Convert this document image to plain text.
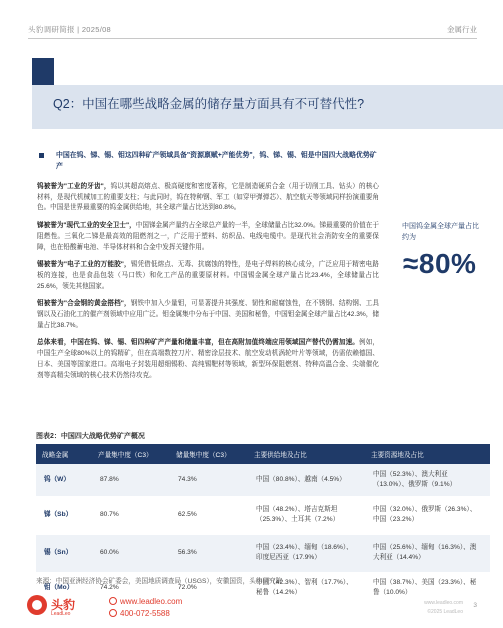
头豹调研简报 | 2025/08	金属行业
Q2：中国在哪些战略金属的储存量方面具有不可替代性?
中国在钨、锑、锡、钼这四种矿产领域具备"资源禀赋+产能优势"，钨、锑、锡、钼是中国四大战略优势矿产

钨被誉为"工业的牙齿"，钨以其超高熔点、极高硬度和密度著称，它是制造硬质合金（用于切削工具、钻头）的核心材料，是现代机械加工的重要支柱；与此同时，钨在特种钢、军工（如穿甲弹弹芯）、航空航天等领域同样扮演重要角色。中国是世界最重要的钨金属供给地，其全球产量占比达到80.8%。

锑被誉为"现代工业的安全卫士"，中国锑金属产量约占全球总产量的一半，全球储量占比32.0%。锑最重要的价值在于阻燃性。三氧化二锑是最高效的阻燃剂之一，广泛用于塑料、纺织品、电线电缆中。是现代社会消防安全的重要保障，也在铅酸蓄电池、半导体材料和合金中发挥关键作用。

锡被誉为"电子工业的万能胶"，锡凭借低熔点、无毒、抗腐蚀的特性，是电子焊料的核心成分，广泛应用于精密电路板的连接，也是食品包装（马口铁）和化工产品的重要原材料。中国锡金属全球产量占比23.4%，全球储量占比25.6%，领先其他国家。

钼被誉为"合金钢的黄金搭档"，钢铁中加入少量钼，可显著提升其强度、韧性和耐腐蚀性，在不锈钢、结构钢、工具钢以及石油化工的催产剂领域中应用广泛。钼金属集中分布于中国、美国和秘鲁，中国钼金属全球产量占比42.3%，储量占比38.7%。

总体来看，中国在钨、锑、锡、钼四种矿产产量和储量丰富，但在高附加值终端应用领域国产替代仍需加速。例如，中国生产全球80%以上的钨精矿，但在高端数控刀片、精密涂层技术、航空发动机涡轮叶片等领域，仍需依赖德国、日本、美国等国家进口。高端电子封装用超细锡粉、高纯锡靶材等领域，新型环保阻燃剂、特种高温合金、尖端催化剂等高精尖领域的核心技术仍然待攻克。

中国钨金属全球产量占比约为
≈80%
图表2：中国四大战略优势矿产概况
战略金属	产量集中度（C3）	储量集中度（C3）	主要供给地及占比	主要资源地及占比
钨（W）	87.8%	74.3%	中国（80.8%）、越南（4.5%）	中国（52.3%）、澳大利亚（13.0%）、俄罗斯（9.1%）
锑（Sb）	80.7%	62.5%	中国（48.2%）、塔吉克斯坦（25.3%）、土耳其（7.2%）	中国（32.0%）、俄罗斯（26.3%）、中国（23.2%）
锡（Sn）	60.0%	56.3%	中国（23.4%）、缅甸（18.6%）、印度尼西亚（17.9%）	中国（25.6%）、缅甸（16.3%）、澳大利亚（14.4%）
钼（Mo）	74.2%	72.0%	中国（42.3%）、智利（17.7%）、秘鲁（14.2%）	中国（38.7%）、美国（23.3%）、秘鲁（10.0%）
来源：中国亚洲经济协会矿委会，美国地质调查局（USGS），安徽国资，头豹研究院
头豹
LeadLeo
www.leadleo.com
400-072-5588
www.leadleo.com
©2025 LeadLeo
3
